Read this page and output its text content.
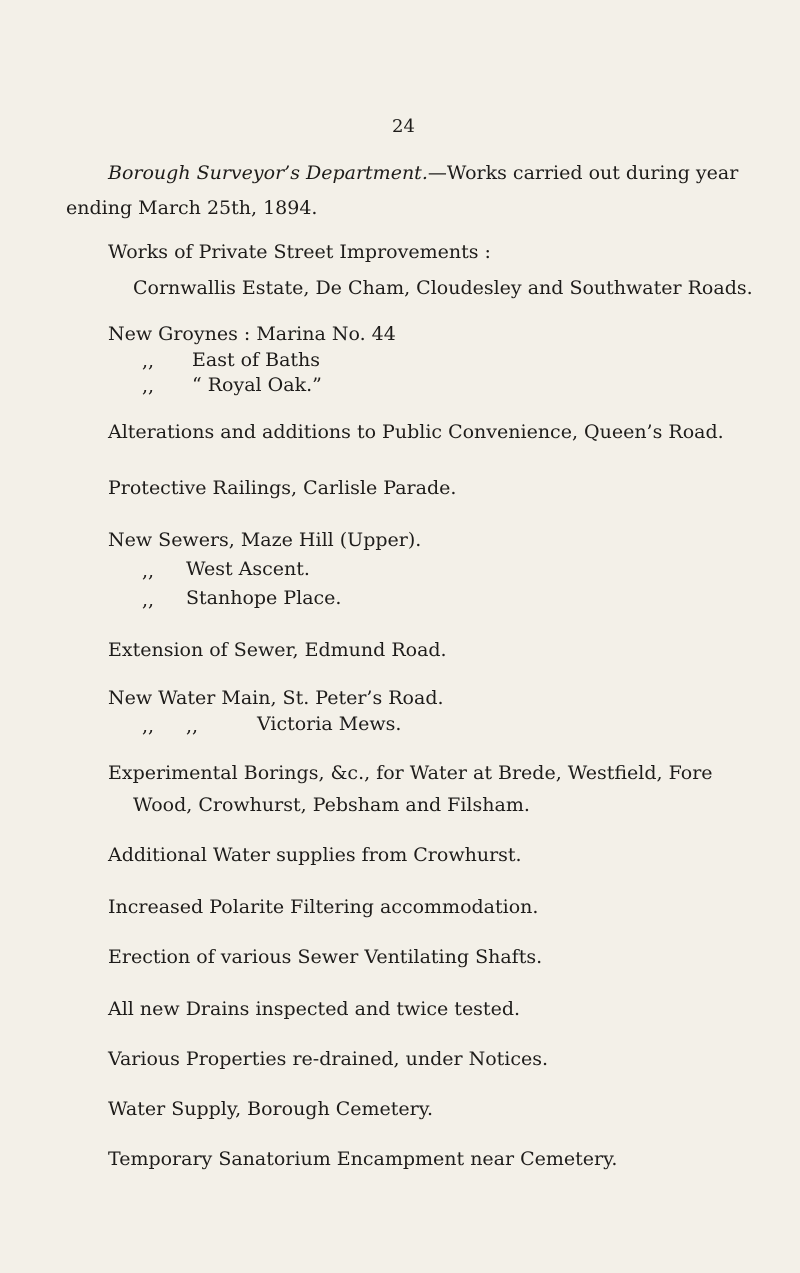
24
Borough Surveyor’s Department.—Works carried out during year
ending March 25th, 1894.
Works of Private Street Improvements :
Cornwallis Estate, De Cham, Cloudesley and Southwater Roads.
New Groynes : Marina No. 44
,, East of Baths
,, “ Royal Oak.”
Alterations and additions to Public Convenience, Queen’s Road.
Protective Railings, Carlisle Parade.
New Sewers, Maze Hill (Upper).
,, West Ascent.
,, Stanhope Place.
Extension of Sewer, Edmund Road.
New Water Main, St. Peter’s Road.
,, ,,	Victoria Mews.
Experimental Borings, &c., for Water at Brede, Westfield, Fore
Wood, Crowhurst, Pebsham and Filsham.
Additional Water supplies from Crowhurst.
Increased Polarite Filtering accommodation.
Erection of various Sewer Ventilating Shafts.
All new Drains inspected and twice tested.
Various Properties re-drained, under Notices.
Water Supply, Borough Cemetery.
Temporary Sanatorium Encampment near Cemetery.
